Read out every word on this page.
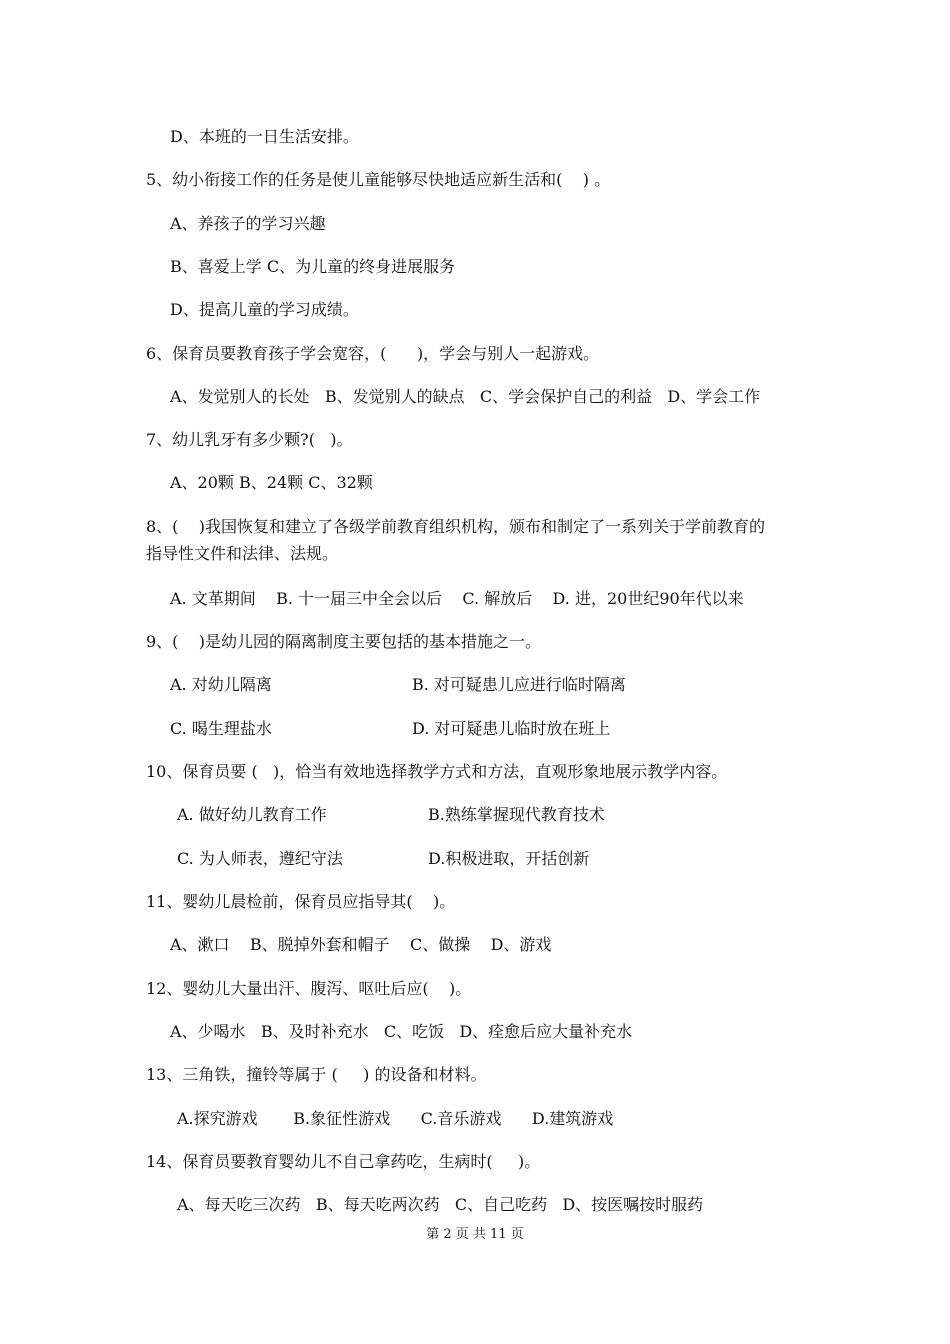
D、本班的一日生活安排。
5、幼小衔接工作的任务是使儿童能够尽快地适应新生活和(    ) 。
A、养孩子的学习兴趣
B、喜爱上学 C、为儿童的终身进展服务
D、提高儿童的学习成绩。
6、保育员要教育孩子学会宽容，(      )，学会与别人一起游戏。
A、发觉别人的长处   B、发觉别人的缺点   C、学会保护自己的利益   D、学会工作
7、幼儿乳牙有多少颗?(   )。
A、20颗 B、24颗 C、32颗
8、(    )我国恢复和建立了各级学前教育组织机构，颁布和制定了一系列关于学前教育的
指导性文件和法律、法规。
A. 文革期间    B. 十一届三中全会以后    C. 解放后    D. 进，20世纪90年代以来
9、(    )是幼儿园的隔离制度主要包括的基本措施之一。
A. 对幼儿隔离	B. 对可疑患儿应进行临时隔离
C. 喝生理盐水	D. 对可疑患儿临时放在班上
10、保育员要 (   )，恰当有效地选择教学方式和方法，直观形象地展示教学内容。
A. 做好幼儿教育工作	B.熟练掌握现代教育技术
C. 为人师表，遵纪守法	D.积极进取，开括创新
11、婴幼儿晨检前，保育员应指导其(    )。
A、漱口    B、脱掉外套和帽子    C、做操    D、游戏
12、婴幼儿大量出汗、腹泻、呕吐后应(    )。
A、少喝水   B、及时补充水   C、吃饭   D、痊愈后应大量补充水
13、三角铁，撞铃等属于 (     ) 的设备和材料。
A.探究游戏       B.象征性游戏      C.音乐游戏      D.建筑游戏
14、保育员要教育婴幼儿不自己拿药吃，生病时(     )。
A、每天吃三次药   B、每天吃两次药   C、自己吃药   D、按医嘱按时服药
第 2 页 共 11 页
